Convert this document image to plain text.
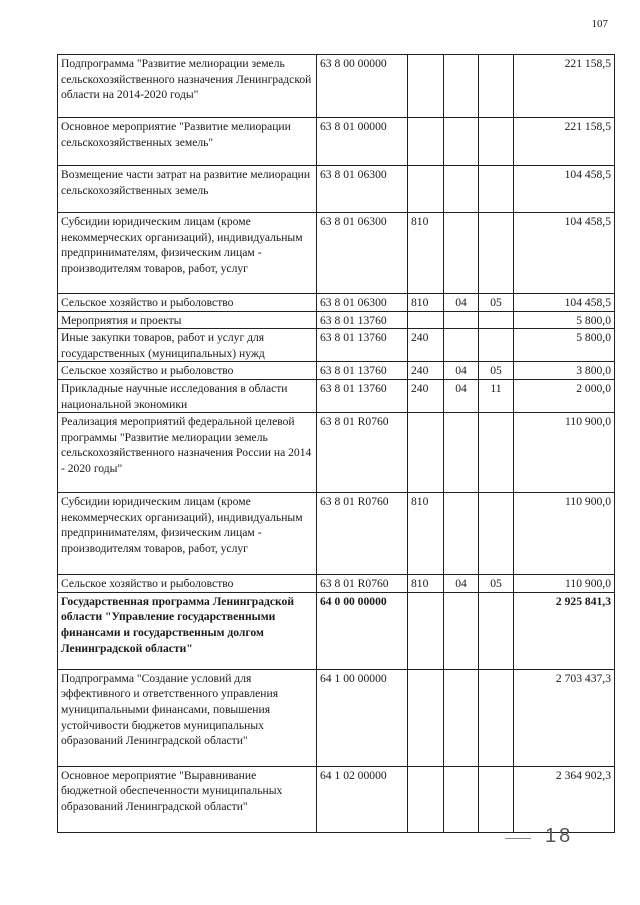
107
Подпрограмма "Развитие мелиорации земель сельскохозяйственного назначения Ленинградской области на 2014-2020 годы"	63 8 00 00000				221 158,5
Основное мероприятие "Развитие мелиорации сельскохозяйственных земель"	63 8 01 00000				221 158,5
Возмещение части затрат на развитие мелиорации сельскохозяйственных земель	63 8 01 06300				104 458,5
Субсидии юридическим лицам (кроме некоммерческих организаций), индивидуальным предпринимателям, физическим лицам - производителям товаров, работ, услуг	63 8 01 06300	810			104 458,5
Сельское хозяйство и рыболовство	63 8 01 06300	810	04	05	104 458,5
Мероприятия и проекты	63 8 01 13760				5 800,0
Иные закупки товаров, работ и услуг для государственных (муниципальных) нужд	63 8 01 13760	240			5 800,0
Сельское хозяйство и рыболовство	63 8 01 13760	240	04	05	3 800,0
Прикладные научные исследования в области национальной экономики	63 8 01 13760	240	04	11	2 000,0
Реализация мероприятий федеральной целевой программы "Развитие мелиорации земель сельскохозяйственного назначения России на 2014 - 2020 годы"	63 8 01 R0760				110 900,0
Субсидии юридическим лицам (кроме некоммерческих организаций), индивидуальным предпринимателям, физическим лицам - производителям товаров, работ, услуг	63 8 01 R0760	810			110 900,0
Сельское хозяйство и рыболовство	63 8 01 R0760	810	04	05	110 900,0
Государственная программа Ленинградской области "Управление государственными финансами и государственным долгом Ленинградской области"	64 0 00 00000				2 925 841,3
Подпрограмма "Создание условий для эффективного и ответственного управления муниципальными финансами, повышения устойчивости бюджетов муниципальных образований Ленинградской области"	64 1 00 00000				2 703 437,3
Основное мероприятие "Выравнивание бюджетной обеспеченности муниципальных образований Ленинградской области"	64 1 02 00000				2 364 902,3
18
